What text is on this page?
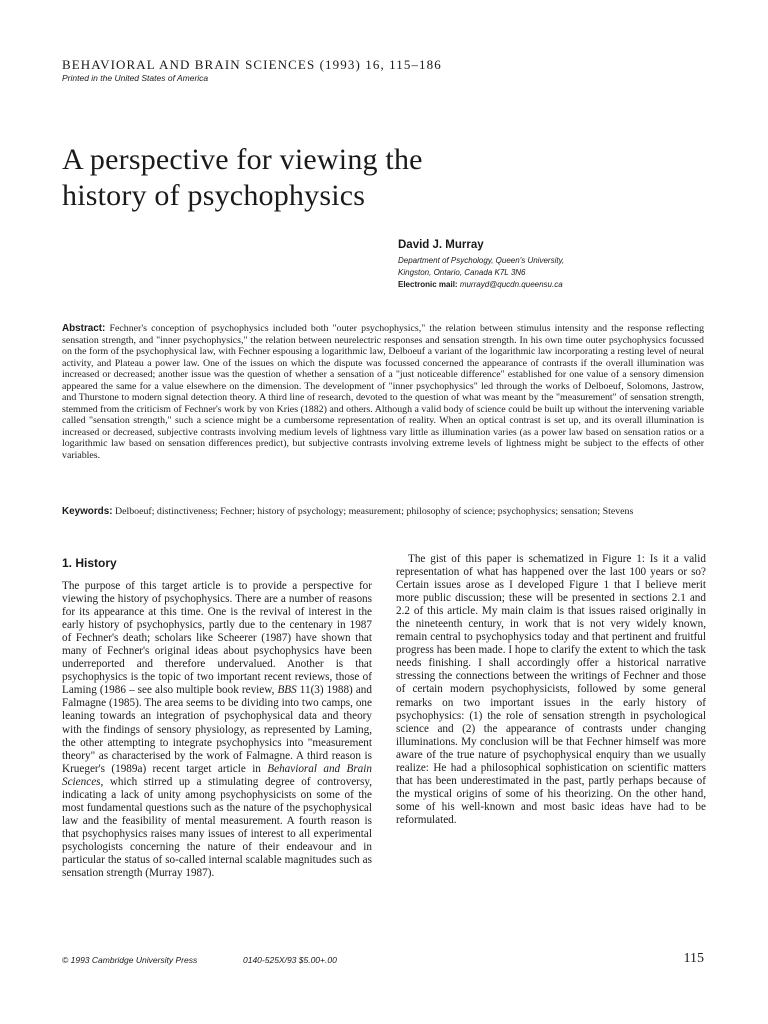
BEHAVIORAL AND BRAIN SCIENCES (1993) 16, 115–186
Printed in the United States of America
A perspective for viewing the
history of psychophysics
David J. Murray
Department of Psychology, Queen's University,
Kingston, Ontario, Canada K7L 3N6
Electronic mail: murrayd@qucdn.queensu.ca

Abstract: Fechner's conception of psychophysics included both "outer psychophysics," the relation between stimulus intensity and the response reflecting sensation strength, and "inner psychophysics," the relation between neurelectric responses and sensation strength. In his own time outer psychophysics focussed on the form of the psychophysical law, with Fechner espousing a logarithmic law, Delboeuf a variant of the logarithmic law incorporating a resting level of neural activity, and Plateau a power law. One of the issues on which the dispute was focussed concerned the appearance of contrasts if the overall illumination was increased or decreased; another issue was the question of whether a sensation of a "just noticeable difference" established for one value of a sensory dimension appeared the same for a value elsewhere on the dimension. The development of "inner psychophysics" led through the works of Delboeuf, Solomons, Jastrow, and Thurstone to modern signal detection theory. A third line of research, devoted to the question of what was meant by the "measurement" of sensation strength, stemmed from the criticism of Fechner's work by von Kries (1882) and others. Although a valid body of science could be built up without the intervening variable called "sensation strength," such a science might be a cumbersome representation of reality. When an optical contrast is set up, and its overall illumination is increased or decreased, subjective contrasts involving medium levels of lightness vary little as illumination varies (as a power law based on sensation ratios or a logarithmic law based on sensation differences predict), but subjective contrasts involving extreme levels of lightness might be subject to the effects of other variables.

Keywords: Delboeuf; distinctiveness; Fechner; history of psychology; measurement; philosophy of science; psychophysics; sensation; Stevens

1. History

The purpose of this target article is to provide a perspective for viewing the history of psychophysics. There are a number of reasons for its appearance at this time. One is the revival of interest in the early history of psychophysics, partly due to the centenary in 1987 of Fechner's death; scholars like Scheerer (1987) have shown that many of Fechner's original ideas about psychophysics have been underreported and therefore undervalued. Another is that psychophysics is the topic of two important recent reviews, those of Laming (1986 – see also multiple book review, BBS 11(3) 1988) and Falmagne (1985). The area seems to be dividing into two camps, one leaning towards an integration of psychophysical data and theory with the findings of sensory physiology, as represented by Laming, the other attempting to integrate psychophysics into "measurement theory" as characterised by the work of Falmagne. A third reason is Krueger's (1989a) recent target article in Behavioral and Brain Sciences, which stirred up a stimulating degree of controversy, indicating a lack of unity among psychophysicists on some of the most fundamental questions such as the nature of the psychophysical law and the feasibility of mental measurement. A fourth reason is that psychophysics raises many issues of interest to all experimental psychologists concerning the nature of their endeavour and in particular the status of so-called internal scalable magnitudes such as sensation strength (Murray 1987).

The gist of this paper is schematized in Figure 1: Is it a valid representation of what has happened over the last 100 years or so? Certain issues arose as I developed Figure 1 that I believe merit more public discussion; these will be presented in sections 2.1 and 2.2 of this article. My main claim is that issues raised originally in the nineteenth century, in work that is not very widely known, remain central to psychophysics today and that pertinent and fruitful progress has been made. I hope to clarify the extent to which the task needs finishing. I shall accordingly offer a historical narrative stressing the connections between the writings of Fechner and those of certain modern psychophysicists, followed by some general remarks on two important issues in the early history of psychophysics: (1) the role of sensation strength in psychological science and (2) the appearance of contrasts under changing illuminations. My conclusion will be that Fechner himself was more aware of the true nature of psychophysical enquiry than we usually realize: He had a philosophical sophistication on scientific matters that has been underestimated in the past, partly perhaps because of the mystical origins of some of his theorizing. On the other hand, some of his well-known and most basic ideas have had to be reformulated.

© 1993 Cambridge University Press	0140-525X/93 $5.00+.00	115
